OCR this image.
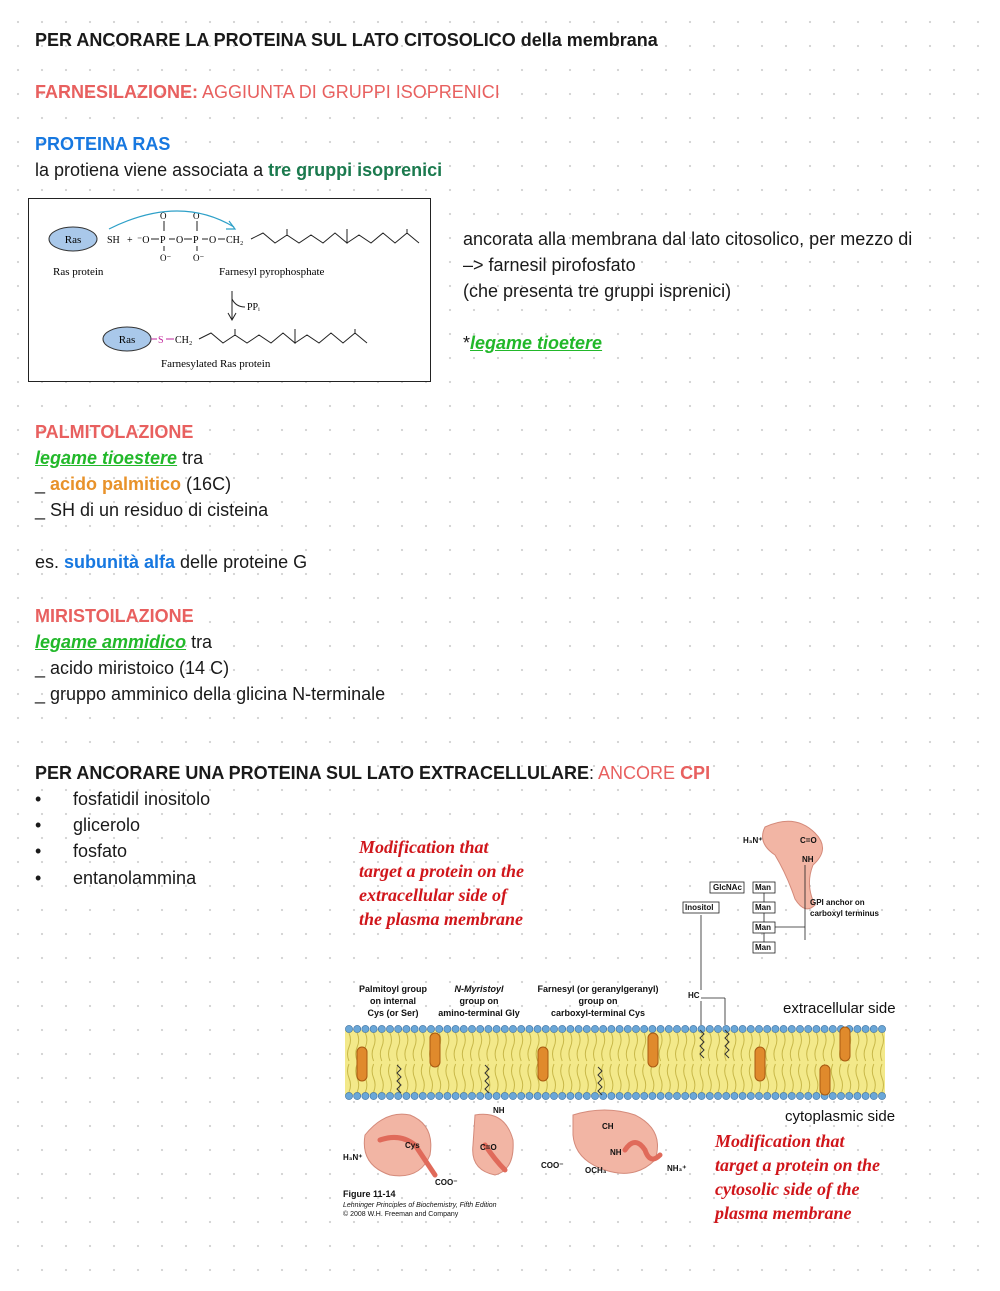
PER ANCORARE LA PROTEINA SUL LATO CITOSOLICO della membrana
FARNESILAZIONE: AGGIUNTA DI GRUPPI ISOPRENICI
PROTEINA RAS
la protiena viene associata a tre gruppi isoprenici
Ras	SH + ⁻O P
O
O⁻
O P
O
O⁻
O CH₂
Ras protein	Farnesyl pyrophosphate
PPᵢ
Ras S CH₂
Farnesylated Ras protein
ancorata alla membrana dal lato citosolico, per mezzo di
–> farnesil pirofosfato
(che presenta tre gruppi isprenici)
*legame tioetere
PALMITOLAZIONE
legame tioestere tra
_ acido palmitico (16C)
_ SH di un residuo di cisteina
es. subunità alfa delle proteine G
MIRISTOILAZIONE
legame ammidico tra
_ acido miristoico (14 C)
_ gruppo amminico della glicina N-terminale
PER ANCORARE UNA PROTEINA SUL LATO EXTRACELLULARE: ANCORE CPI
• fosfatidil inositolo
• glicerolo
• fosfato
• entanolammina
Modification that
target a protein on the
extracellular side of
the plasma membrane
Palmitoyl group
on internal
Cys (or Ser)
N-Myristoyl
group on
amino-terminal Gly
Farnesyl (or geranylgeranyl)
group on
carboxyl-terminal Cys	extracellular side
cytoplasmic side
GlcNAc Man
Man
Man
Man
Inositol
GPI anchor on
carboxyl terminus
H₃N⁺	C=O
NH
HC
H₃N⁺
Cys
COO⁻
NH
C=O
COO⁻
CH
NH
OCH₃	NH₃⁺
Modification that
target a protein on the
cytosolic side of the
plasma membrane
Figure 11-14
Lehninger Principles of Biochemistry, Fifth Edition
© 2008 W.H. Freeman and Company
